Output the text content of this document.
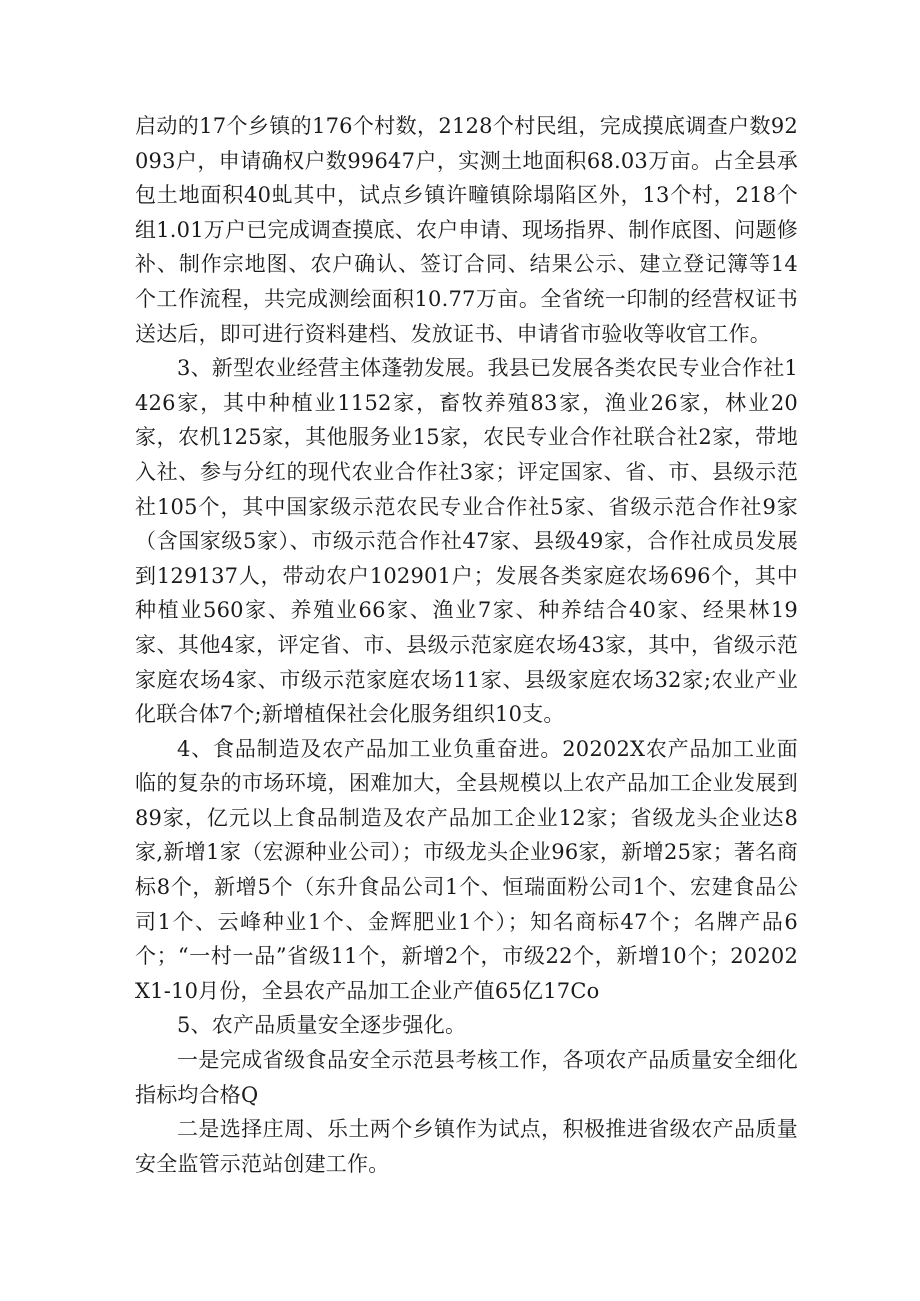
启动的17个乡镇的176个村数，2128个村民组，完成摸底调查户数92093户，申请确权户数99647户，实测土地面积68.03万亩。占全县承包土地面积40虬其中，试点乡镇许疃镇除塌陷区外，13个村，218个组1.01万户已完成调查摸底、农户申请、现场指界、制作底图、问题修补、制作宗地图、农户确认、签订合同、结果公示、建立登记簿等14个工作流程，共完成测绘面积10.77万亩。全省统一印制的经营权证书送达后，即可进行资料建档、发放证书、申请省市验收等收官工作。

3、新型农业经营主体蓬勃发展。我县已发展各类农民专业合作社1426家，其中种植业1152家，畜牧养殖83家，渔业26家，林业20家，农机125家，其他服务业15家，农民专业合作社联合社2家，带地入社、参与分红的现代农业合作社3家；评定国家、省、市、县级示范社105个，其中国家级示范农民专业合作社5家、省级示范合作社9家（含国家级5家）、市级示范合作社47家、县级49家，合作社成员发展到129137人，带动农户102901户；发展各类家庭农场696个，其中种植业560家、养殖业66家、渔业7家、种养结合40家、经果林19家、其他4家，评定省、市、县级示范家庭农场43家，其中，省级示范家庭农场4家、市级示范家庭农场11家、县级家庭农场32家;农业产业化联合体7个;新增植保社会化服务组织10支。

4、食品制造及农产品加工业负重奋进。20202X农产品加工业面临的复杂的市场环境，困难加大，全县规模以上农产品加工企业发展到89家，亿元以上食品制造及农产品加工企业12家；省级龙头企业达8家,新增1家（宏源种业公司）；市级龙头企业96家，新增25家；著名商标8个，新增5个（东升食品公司1个、恒瑞面粉公司1个、宏建食品公司1个、云峰种业1个、金辉肥业1个）；知名商标47个；名牌产品6个；“一村一品”省级11个，新增2个，市级22个，新增10个；20202X1-10月份，全县农产品加工企业产值65亿17Co

5、农产品质量安全逐步强化。

一是完成省级食品安全示范县考核工作，各项农产品质量安全细化指标均合格Q

二是选择庄周、乐土两个乡镇作为试点，积极推进省级农产品质量安全监管示范站创建工作。
